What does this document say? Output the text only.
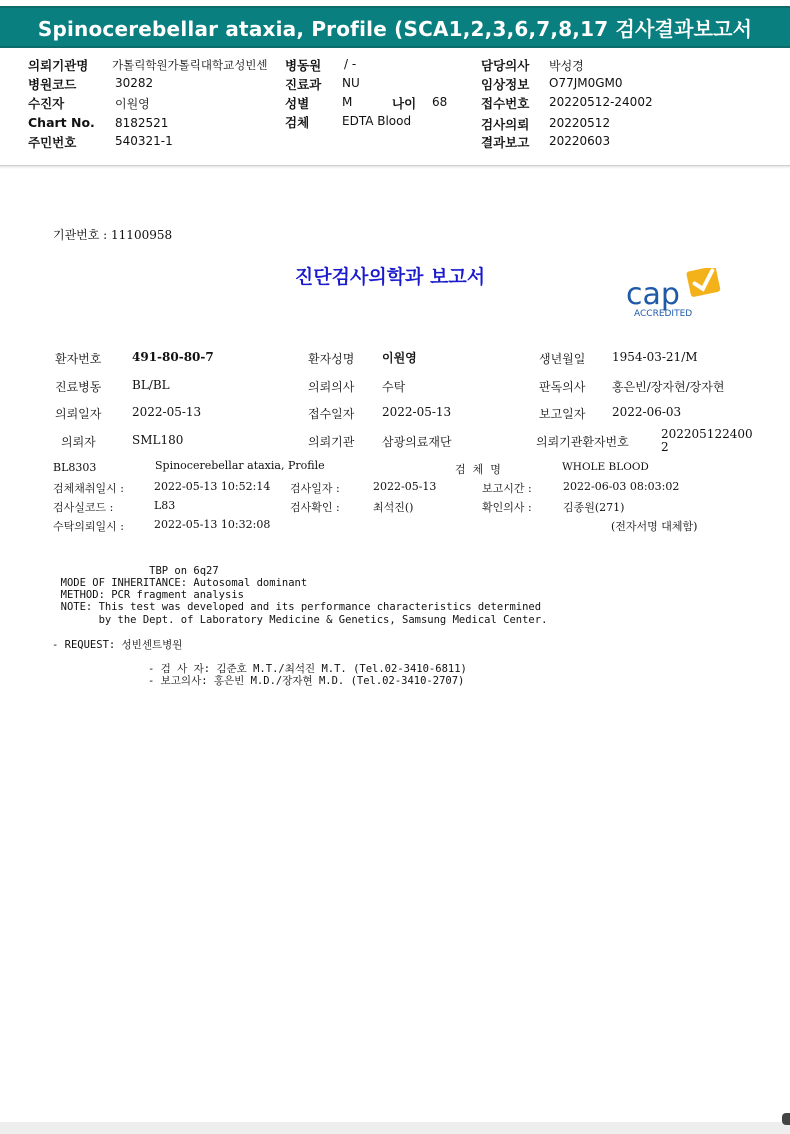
Spinocerebellar ataxia, Profile (SCA1,2,3,6,7,8,17 검사결과보고서
의뢰기관명 가톨릭학원가톨릭대학교성빈센
병원코드	30282
수진자	이원영
Chart No. 8182521
주민번호	540321-1
병동원 / -
진료과 NU
성별	M	나이 68
검체	EDTA Blood
담당의사 박성경
임상정보 O77JM0GM0
접수번호 20220512-24002
검사의뢰 20220512
결과보고 20220603
기관번호 : 11100958
진단검사의학과 보고서	cap
ACCREDITED
환자번호	491-80-80-7	환자성명 이원영	생년월일 1954-03-21/M
진료병동	BL/BL	의뢰의사 수탁	판독의사 홍은빈/장자현/장자현
의뢰일자	2022-05-13	접수일자 2022-05-13	보고일자 2022-06-03
의뢰자	SML180	의뢰기관 삼광의료재단	의뢰기관환자번호
202205122400
2
BL8303	Spinocerebellar ataxia, Profile	검  체  명	WHOLE BLOOD
검체채취일시 :	2022-05-13 10:52:14 검사일자 :	2022-05-13	보고시간 :	2022-06-03 08:03:02
검사실코드 :	L83	검사확인 :	최석진()	확인의사 :	김종원(271)
수탁의뢰일시 :	2022-05-13 10:32:08	(전자서명 대체함)
TBP on 6q27
MODE OF INHERITANCE: Autosomal dominant
METHOD: PCR fragment analysis
NOTE: This test was developed and its performance characteristics determined
by the Dept. of Laboratory Medicine & Genetics, Samsung Medical Center.
- REQUEST: 성빈센트병원
- 검 사 자: 김준호 M.T./최석진 M.T. (Tel.02-3410-6811)
- 보고의사: 홍은빈 M.D./장자현 M.D. (Tel.02-3410-2707)
